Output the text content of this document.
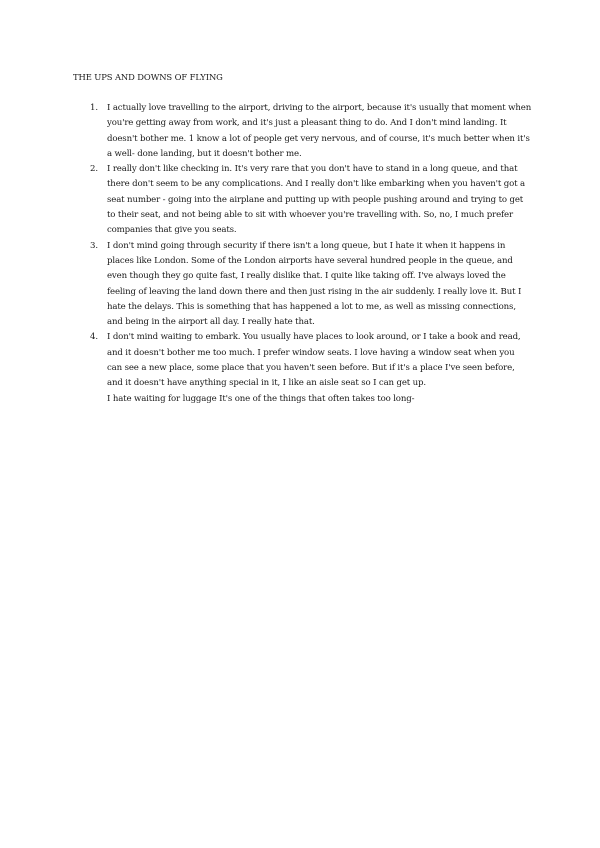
THE UPS AND DOWNS OF FLYING
1. I actually love travelling to the airport, driving to the airport, because it's usually that moment when you're getting away from work, and it's just a pleasant thing to do. And I don't mind landing. It doesn't bother me. 1 know a lot of people get very nervous, and of course, it's much better when it's a well- done landing, but it doesn't bother me.
2. I really don't like checking in. It's very rare that you don't have to stand in a long queue, and that there don't seem to be any complications. And I really don't like embarking when you haven't got a seat number - going into the airplane and putting up with people pushing around and trying to get to their seat, and not being able to sit with whoever you're travelling with. So, no, I much prefer companies that give you seats.
3. I don't mind going through security if there isn't a long queue, but I hate it when it happens in places like London. Some of the London airports have several hundred people in the queue, and even though they go quite fast, I really dislike that. I quite like taking off. I've always loved the feeling of leaving the land down there and then just rising in the air suddenly. I really love it. But I hate the delays. This is something that has happened a lot to me, as well as missing connections, and being in the airport all day. I really hate that.
4. I don't mind waiting to embark. You usually have places to look around, or I take a book and read, and it doesn't bother me too much. I prefer window seats. I love having a window seat when you can see a new place, some place that you haven't seen before. But if it's a place I've seen before, and it doesn't have anything special in it, I like an aisle seat so I can get up.
I hate waiting for luggage It's one of the things that often takes too long-
